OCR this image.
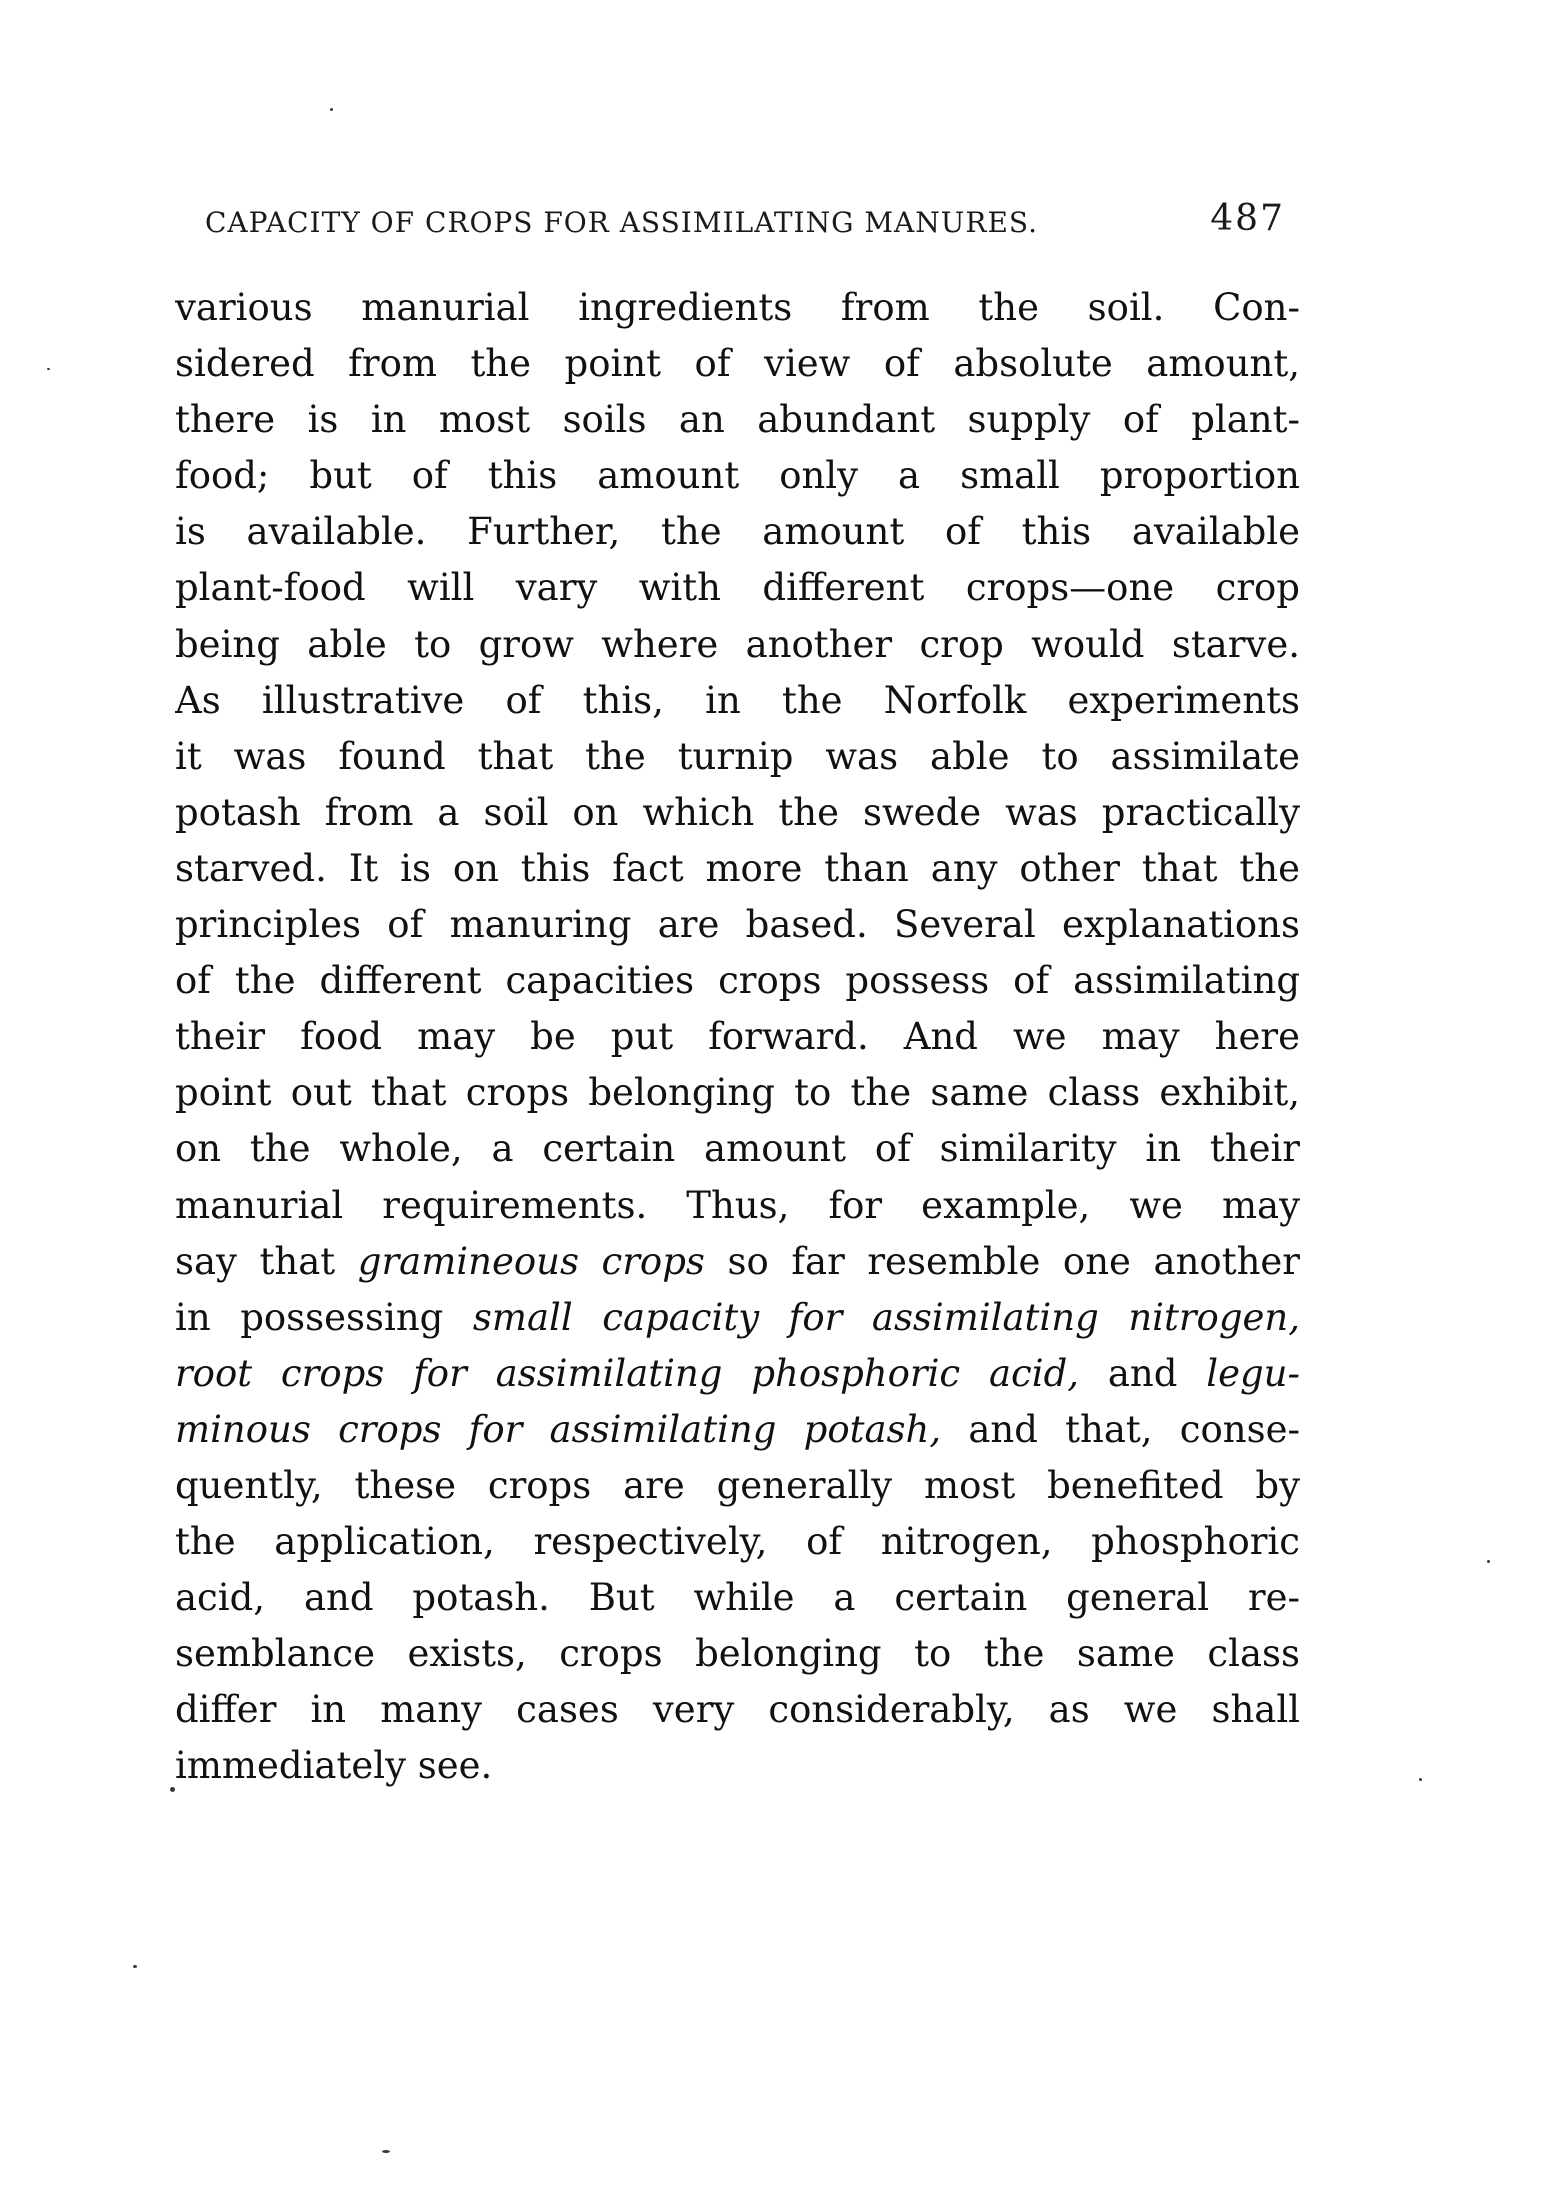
CAPACITY OF CROPS FOR ASSIMILATING MANURES.	487
various manurial ingredients from the soil. Con-
sidered from the point of view of absolute amount,
there is in most soils an abundant supply of plant-
food; but of this amount only a small proportion
is available. Further, the amount of this available
plant-food will vary with different crops—one crop
being able to grow where another crop would starve.
As illustrative of this, in the Norfolk experiments
it was found that the turnip was able to assimilate
potash from a soil on which the swede was practically
starved. It is on this fact more than any other that the
principles of manuring are based. Several explanations
of the different capacities crops possess of assimilating
their food may be put forward. And we may here
point out that crops belonging to the same class exhibit,
on the whole, a certain amount of similarity in their
manurial requirements. Thus, for example, we may
say that gramineous crops so far resemble one another
in possessing small capacity for assimilating nitrogen,
root crops for assimilating phosphoric acid, and legu-
minous crops for assimilating potash, and that, conse-
quently, these crops are generally most benefited by
the application, respectively, of nitrogen, phosphoric
acid, and potash. But while a certain general re-
semblance exists, crops belonging to the same class
differ in many cases very considerably, as we shall
immediately see.
